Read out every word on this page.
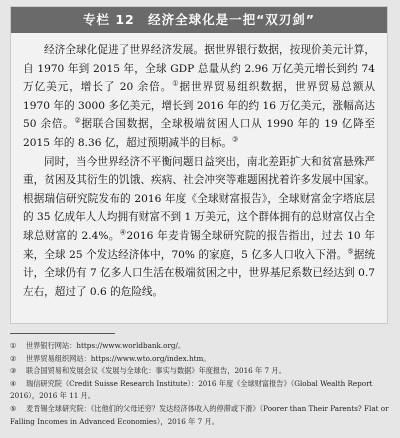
专栏 12 经济全球化是一把“双刃剑”

经济全球化促进了世界经济发展。据世界银行数据，按现价美元计算，自 1970 年到 2015 年，全球 GDP 总量从约 2.96 万亿美元增长到约 74 万亿美元，增长了 20 余倍。①据世界贸易组织数据，世界贸易总额从 1970 年的 3000 多亿美元，增长到 2016 年的约 16 万亿美元，涨幅高达 50 余倍。②据联合国数据，全球极端贫困人口从 1990 年的 19 亿降至 2015 年的 8.36 亿，超过预期减半的目标。③

同时，当今世界经济不平衡问题日益突出，南北差距扩大和贫富悬殊严重，贫困及其衍生的饥饿、疾病、社会冲突等难题困扰着许多发展中国家。根据瑞信研究院发布的 2016 年度《全球财富报告》，全球财富金字塔底层的 35 亿成年人人均拥有财富不到 1 万美元，这个群体拥有的总财富仅占全球总财富的 2.4%。④2016 年麦肯锡全球研究院的报告指出，过去 10 年来，全球 25 个发达经济体中，70% 的家庭，5 亿多人口收入下滑。⑤据统计，全球仍有 7 亿多人口生活在极端贫困之中，世界基尼系数已经达到 0.7 左右，超过了 0.6 的危险线。

① 世界银行网站：https://www.worldbank.org/。

② 世界贸易组织网站：https://www.wto.org/index.htm。

③ 联合国贸易和发展会议《发展与全球化：事实与数据》年度报告，2016 年 7 月。

④ 瑞信研究院（Credit Suisse Research Institute）：2016 年度《全球财富报告》（Global Wealth Report 2016），2016 年 11 月。

⑤ 麦肯锡全球研究院：《比他们的父母还穷？发达经济体收入的停滞或下滑》（Poorer than Their Parents? Flat or Falling Incomes in Advanced Economies），2016 年 7 月。
